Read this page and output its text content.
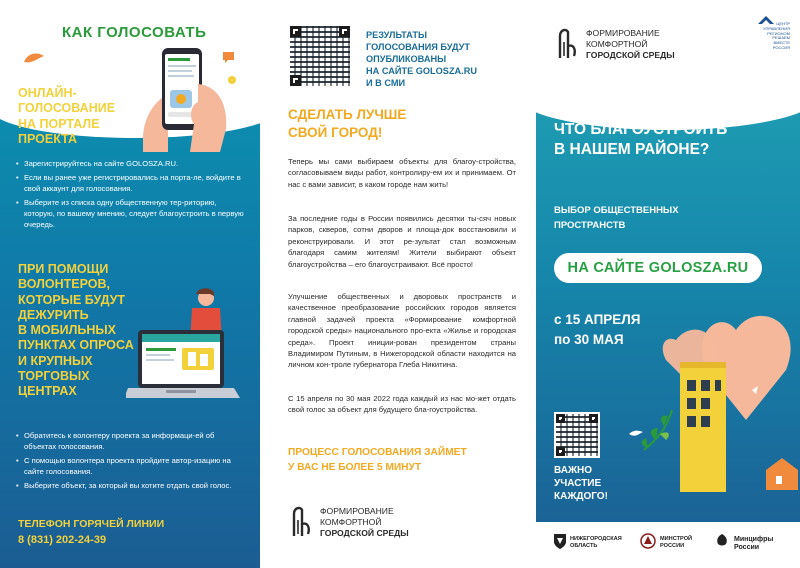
КАК ГОЛОСОВАТЬ
ОНЛАЙН-
ГОЛОСОВАНИЕ
НА ПОРТАЛЕ
ПРОЕКТА
• Зарегистрируйтесь на сайте GOLOSZA.RU.
• Если вы ранее уже регистрировались на порта-ле, войдите в свой аккаунт для голосования.
• Выберите из списка одну общественную тер-риторию, которую, по вашему мнению, следует благоустроить в первую очередь.
ПРИ ПОМОЩИ
ВОЛОНТЕРОВ,
КОТОРЫЕ БУДУТ
ДЕЖУРИТЬ
В МОБИЛЬНЫХ
ПУНКТАХ ОПРОСА
И КРУПНЫХ
ТОРГОВЫХ
ЦЕНТРАХ
• Обратитесь к волонтеру проекта за информаци-ей об объектах голосования.
• С помощью волонтера проекта пройдите автор-изацию на сайте голосования.
• Выберите объект, за который вы хотите отдать свой голос.
ТЕЛЕФОН ГОРЯЧЕЙ ЛИНИИ
8 (831) 202-24-39
РЕЗУЛЬТАТЫ
ГОЛОСОВАНИЯ БУДУТ
ОПУБЛИКОВАНЫ
НА САЙТЕ GOLOSZA.RU
И В СМИ
СДЕЛАТЬ ЛУЧШЕ
СВОЙ ГОРОД!

Теперь мы сами выбираем объекты для благоу-стройства, согласовываем виды работ, контролиру-ем их и принимаем. От нас с вами зависит, в каком городе нам жить!

За последние годы в России появились десятки ты-сяч новых парков, скверов, сотни дворов и площа-док восстановили и реконструировали. И этот ре-зультат стал возможным благодаря самим жителям! Жители выбирают объект благоустройства – его благоустраивают. Всё просто!

Улучшение общественных и дворовых пространств и качественное преобразование российских городов является главной задачей проекта «Формирование комфортной городской среды» национального про-екта «Жилье и городская среда». Проект иниции-рован президентом страны Владимиром Путиным, в Нижегородской области находится на личном кон-троле губернатора Глеба Никитина.

С 15 апреля по 30 мая 2022 года каждый из нас мо-жет отдать свой голос за объект для будущего бла-гоустройства.

ПРОЦЕСС ГОЛОСОВАНИЯ ЗАЙМЕТ
У ВАС НЕ БОЛЕЕ 5 МИНУТ
ФОРМИРОВАНИЕ
КОМФОРТНОЙ
ГОРОДСКОЙ СРЕДЫ
ФОРМИРОВАНИЕ
КОМФОРТНОЙ
ГОРОДСКОЙ СРЕДЫ
ЦЕНТР УПРАВЛЕНИЯ РЕГИОНОМ РЕШАЕМ ВМЕСТЕ РОССИЯ
ЧТО БЛАГОУСТРОИТЬ
В НАШЕМ РАЙОНЕ?
ВЫБОР ОБЩЕСТВЕННЫХ
ПРОСТРАНСТВ
НА САЙТЕ GOLOSZA.RU
с 15 АПРЕЛЯ
по 30 МАЯ
ВАЖНО
УЧАСТИЕ
КАЖДОГО!
НИЖЕГОРОДСКАЯ
ОБЛАСТЬ
МИНСТРОЙ
РОССИИ
Минцифры
России
